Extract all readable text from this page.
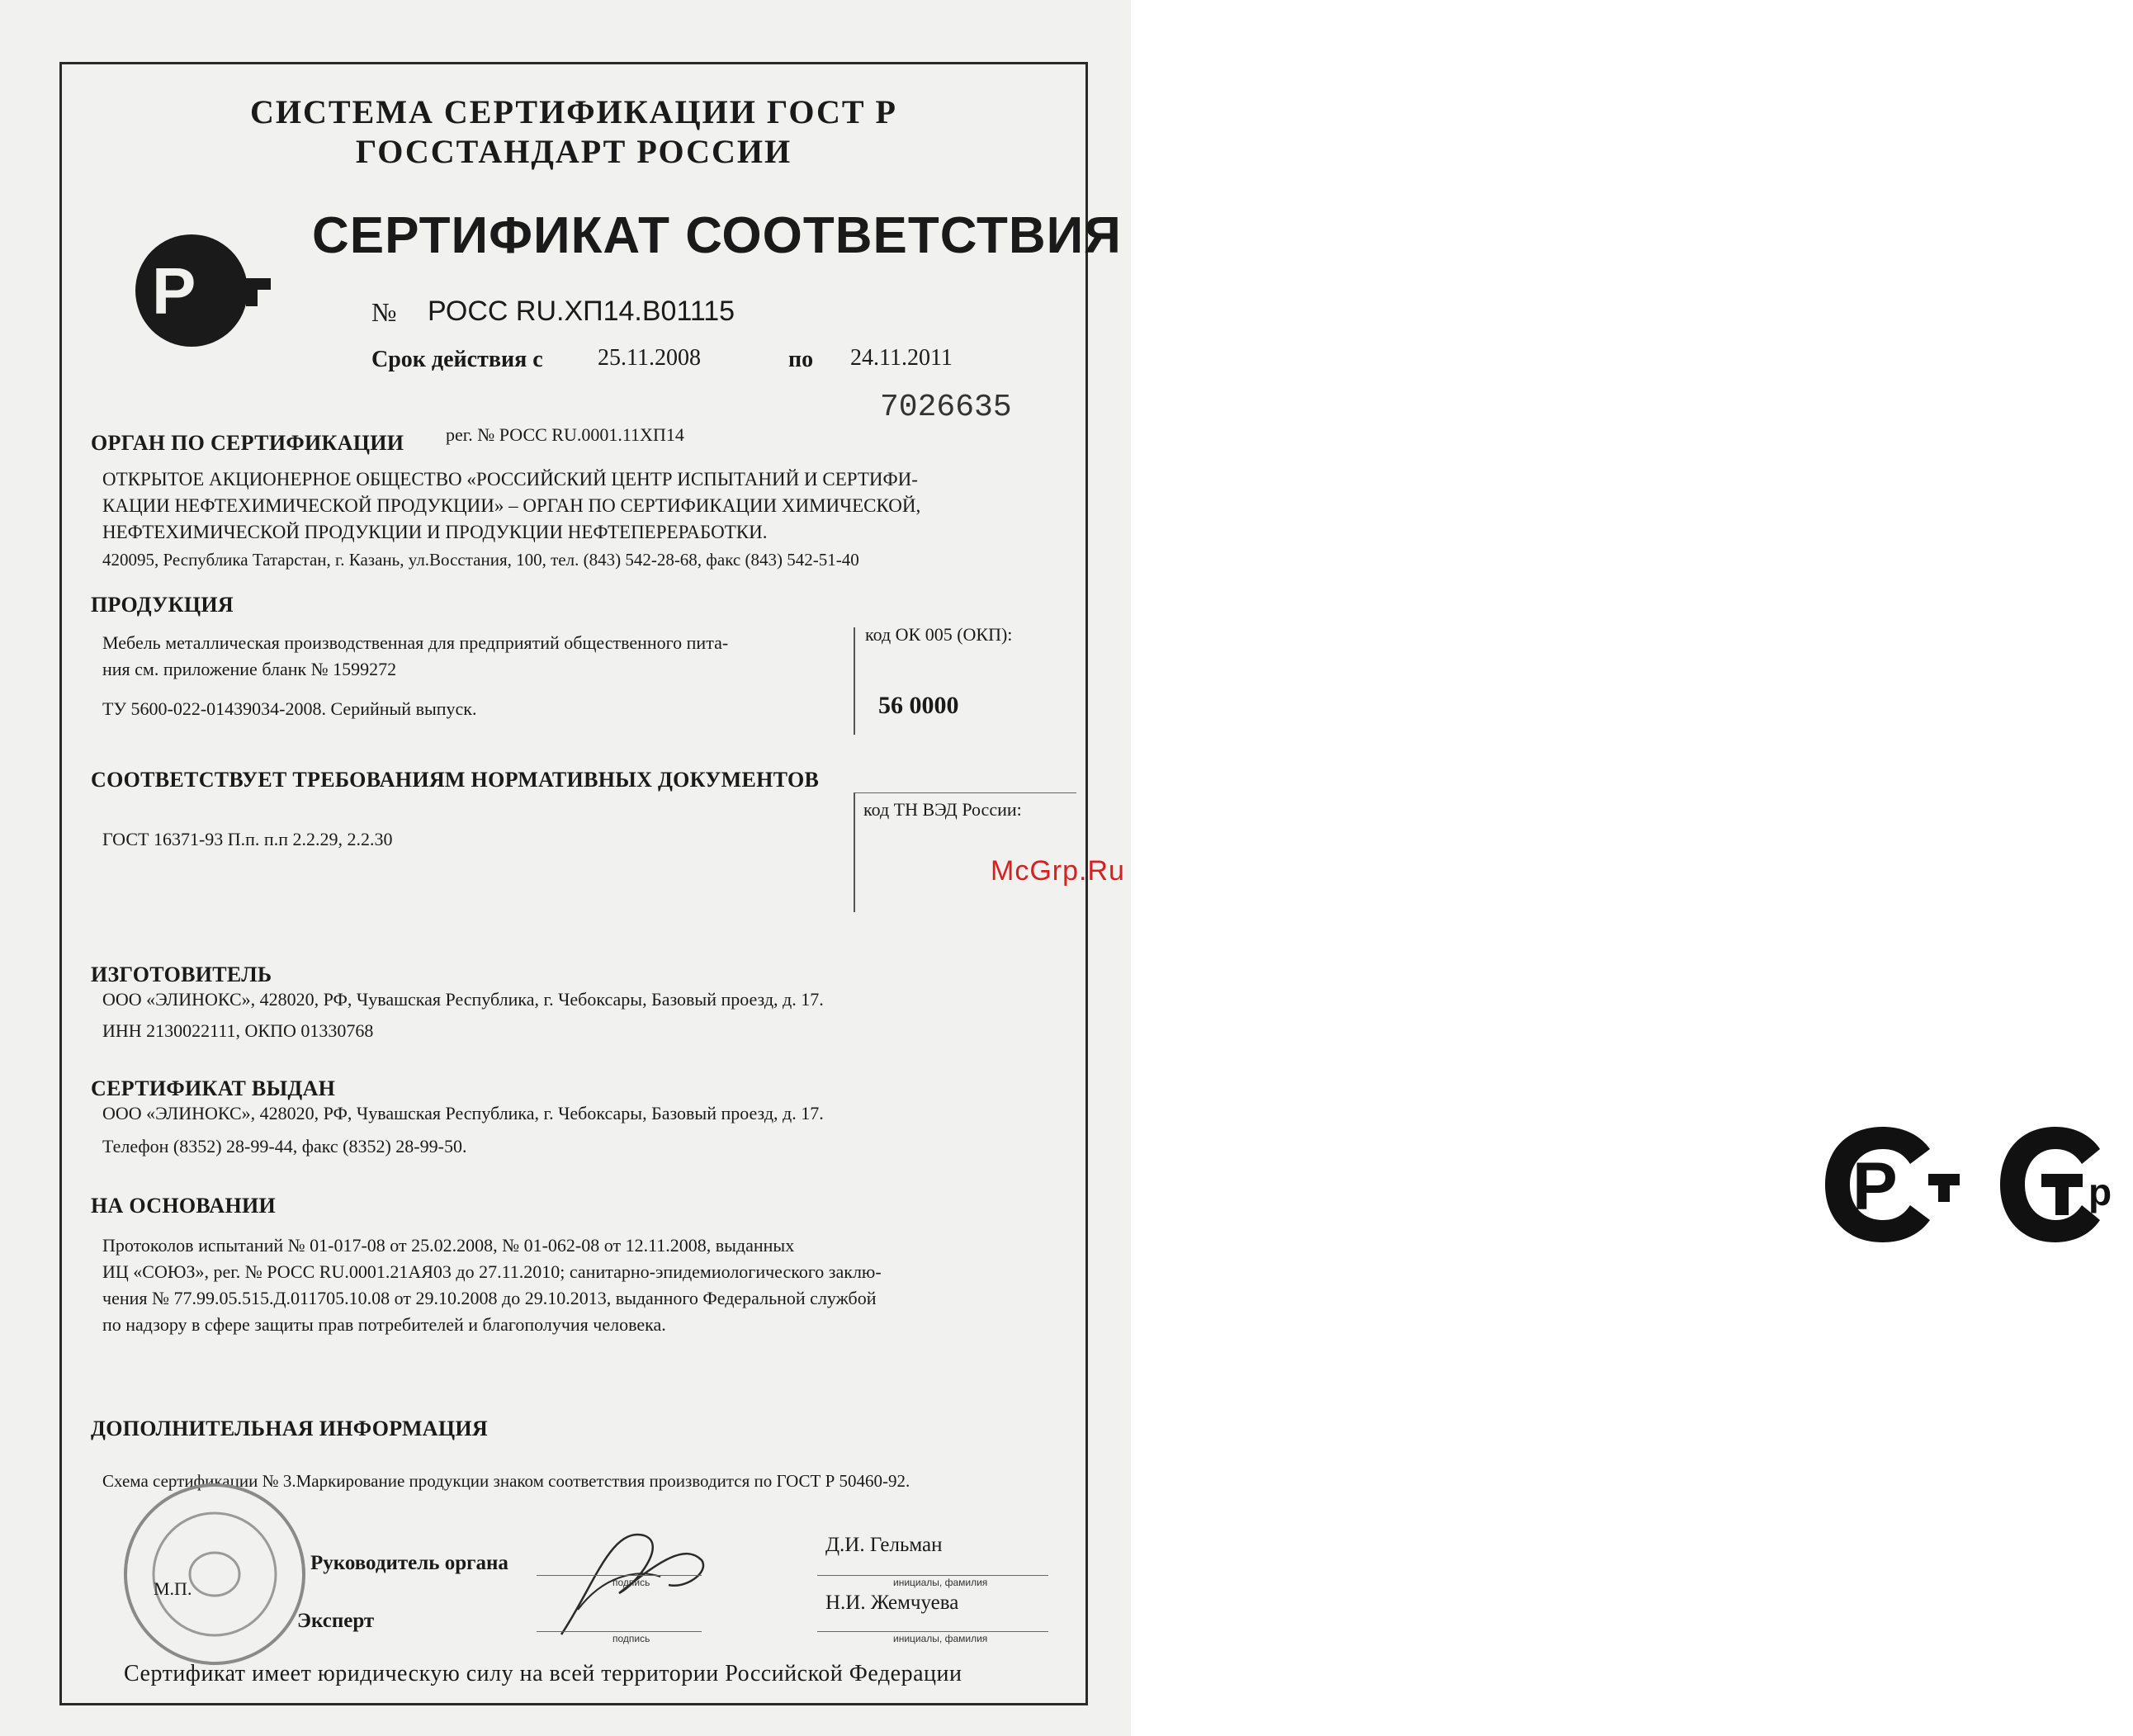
СИСТЕМА СЕРТИФИКАЦИИ ГОСТ Р
ГОССТАНДАРТ РОССИИ
P
СЕРТИФИКАТ СООТВЕТСТВИЯ
№ РОСС RU.ХП14.В01115
Срок действия с 25.11.2008	по 24.11.2011
7026635
ОРГАН ПО СЕРТИФИКАЦИИ рег. № РОСС RU.0001.11ХП14
ОТКРЫТОЕ АКЦИОНЕРНОЕ ОБЩЕСТВО «РОССИЙСКИЙ ЦЕНТР ИСПЫТАНИЙ И СЕРТИФИ-
КАЦИИ НЕФТЕХИМИЧЕСКОЙ ПРОДУКЦИИ» – ОРГАН ПО СЕРТИФИКАЦИИ ХИМИЧЕСКОЙ,
НЕФТЕХИМИЧЕСКОЙ ПРОДУКЦИИ И ПРОДУКЦИИ НЕФТЕПЕРЕРАБОТКИ.
420095, Республика Татарстан, г. Казань, ул.Восстания, 100, тел. (843) 542-28-68, факс (843) 542-51-40
ПРОДУКЦИЯ
Мебель металлическая производственная для предприятий общественного пита-
ния см. приложение бланк № 1599272
ТУ 5600-022-01439034-2008. Серийный выпуск.
код ОК 005 (ОКП):
56 0000
СООТВЕТСТВУЕТ ТРЕБОВАНИЯМ НОРМАТИВНЫХ ДОКУМЕНТОВ
код ТН ВЭД России:
ГОСТ 16371-93 П.п. п.п 2.2.29, 2.2.30
McGrp.Ru
ИЗГОТОВИТЕЛЬ
ООО «ЭЛИНОКС», 428020, РФ, Чувашская Республика, г. Чебоксары, Базовый проезд, д. 17.
ИНН 2130022111, ОКПО 01330768
СЕРТИФИКАТ ВЫДАН
ООО «ЭЛИНОКС», 428020, РФ, Чувашская Республика, г. Чебоксары, Базовый проезд, д. 17.
Телефон (8352) 28-99-44, факс (8352) 28-99-50.
НА ОСНОВАНИИ
Протоколов испытаний № 01-017-08 от 25.02.2008, № 01-062-08 от 12.11.2008, выданных
ИЦ «СОЮЗ», рег. № РОСС RU.0001.21АЯ03 до 27.11.2010; санитарно-эпидемиологического заклю-
чения № 77.99.05.515.Д.011705.10.08 от 29.10.2008 до 29.10.2013, выданного Федеральной службой
по надзору в сфере защиты прав потребителей и благополучия человека.
ДОПОЛНИТЕЛЬНАЯ ИНФОРМАЦИЯ
Схема сертификации № 3.Маркирование продукции знаком соответствия производится по ГОСТ Р 50460-92.
М.П.
Руководитель органа
Эксперт
подпись	инициалы, фамилия
Д.И. Гельман
подпись	инициалы, фамилия
Н.И. Жемчуева
Сертификат имеет юридическую силу на всей территории Российской Федерации
P	р
